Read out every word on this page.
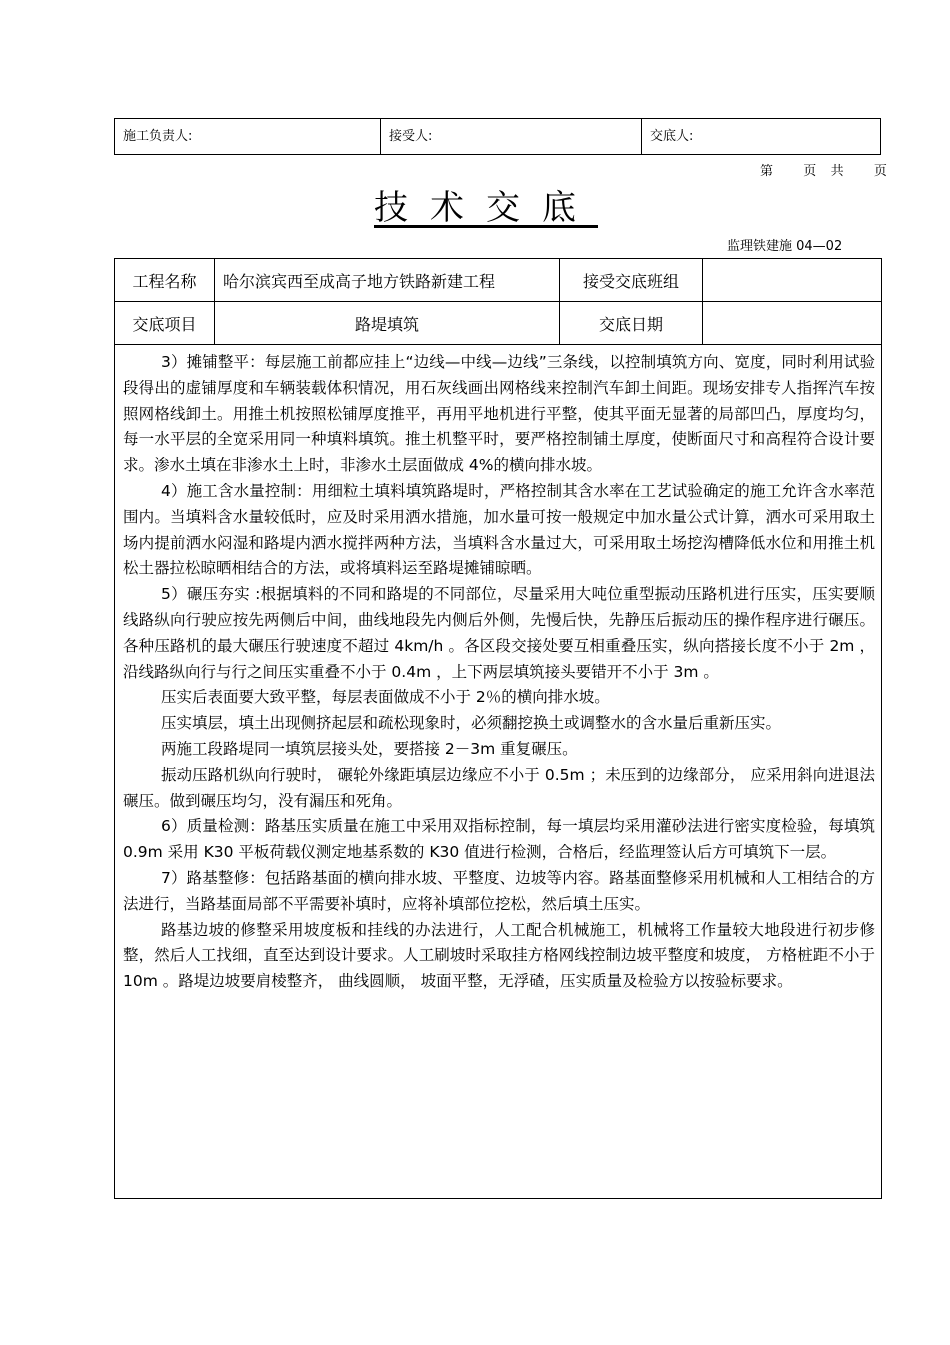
施工负责人:	接受人:	交底人:
第 页 共 页
技术交底
监理铁建施 04—02
工程名称	哈尔滨宾西至成高子地方铁路新建工程	接受交底班组
交底项目	路堤填筑	交底日期

3）摊铺整平：每层施工前都应挂上“边线—中线—边线”三条线，以控制填筑方向、宽度，同时利用试验段得出的虚铺厚度和车辆装载体积情况，用石灰线画出网格线来控制汽车卸土间距。现场安排专人指挥汽车按照网格线卸土。用推土机按照松铺厚度推平，再用平地机进行平整，使其平面无显著的局部凹凸，厚度均匀，每一水平层的全宽采用同一种填料填筑。推土机整平时，要严格控制铺土厚度，使断面尺寸和高程符合设计要求。渗水土填在非渗水土上时，非渗水土层面做成 4%的横向排水坡。

4）施工含水量控制：用细粒土填料填筑路堤时，严格控制其含水率在工艺试验确定的施工允许含水率范围内。当填料含水量较低时，应及时采用洒水措施，加水量可按一般规定中加水量公式计算，洒水可采用取土场内提前洒水闷湿和路堤内洒水搅拌两种方法，当填料含水量过大，可采用取土场挖沟槽降低水位和用推土机松土器拉松晾晒相结合的方法，或将填料运至路堤摊铺晾晒。

5）碾压夯实 :根据填料的不同和路堤的不同部位，尽量采用大吨位重型振动压路机进行压实，压实要顺线路纵向行驶应按先两侧后中间，曲线地段先内侧后外侧，先慢后快，先静压后振动压的操作程序进行碾压。各种压路机的最大碾压行驶速度不超过 4km/h 。各区段交接处要互相重叠压实，纵向搭接长度不小于 2m ，沿线路纵向行与行之间压实重叠不小于 0.4m ，上下两层填筑接头要错开不小于 3m 。

压实后表面要大致平整，每层表面做成不小于 2％的横向排水坡。

压实填层，填土出现侧挤起层和疏松现象时，必须翻挖换土或调整水的含水量后重新压实。

两施工段路堤同一填筑层接头处，要搭接 2－3m 重复碾压。

振动压路机纵向行驶时， 碾轮外缘距填层边缘应不小于 0.5m ；未压到的边缘部分， 应采用斜向进退法碾压。做到碾压均匀，没有漏压和死角。

6）质量检测：路基压实质量在施工中采用双指标控制，每一填层均采用灌砂法进行密实度检验，每填筑 0.9m 采用 K30 平板荷载仪测定地基系数的 K30 值进行检测，合格后，经监理签认后方可填筑下一层。

7）路基整修：包括路基面的横向排水坡、平整度、边坡等内容。路基面整修采用机械和人工相结合的方法进行，当路基面局部不平需要补填时，应将补填部位挖松，然后填土压实。

路基边坡的修整采用坡度板和挂线的办法进行，人工配合机械施工，机械将工作量较大地段进行初步修整，然后人工找细，直至达到设计要求。人工刷坡时采取挂方格网线控制边坡平整度和坡度， 方格桩距不小于 10m 。路堤边坡要肩棱整齐， 曲线圆顺， 坡面平整，无浮碴，压实质量及检验方以按验标要求。
